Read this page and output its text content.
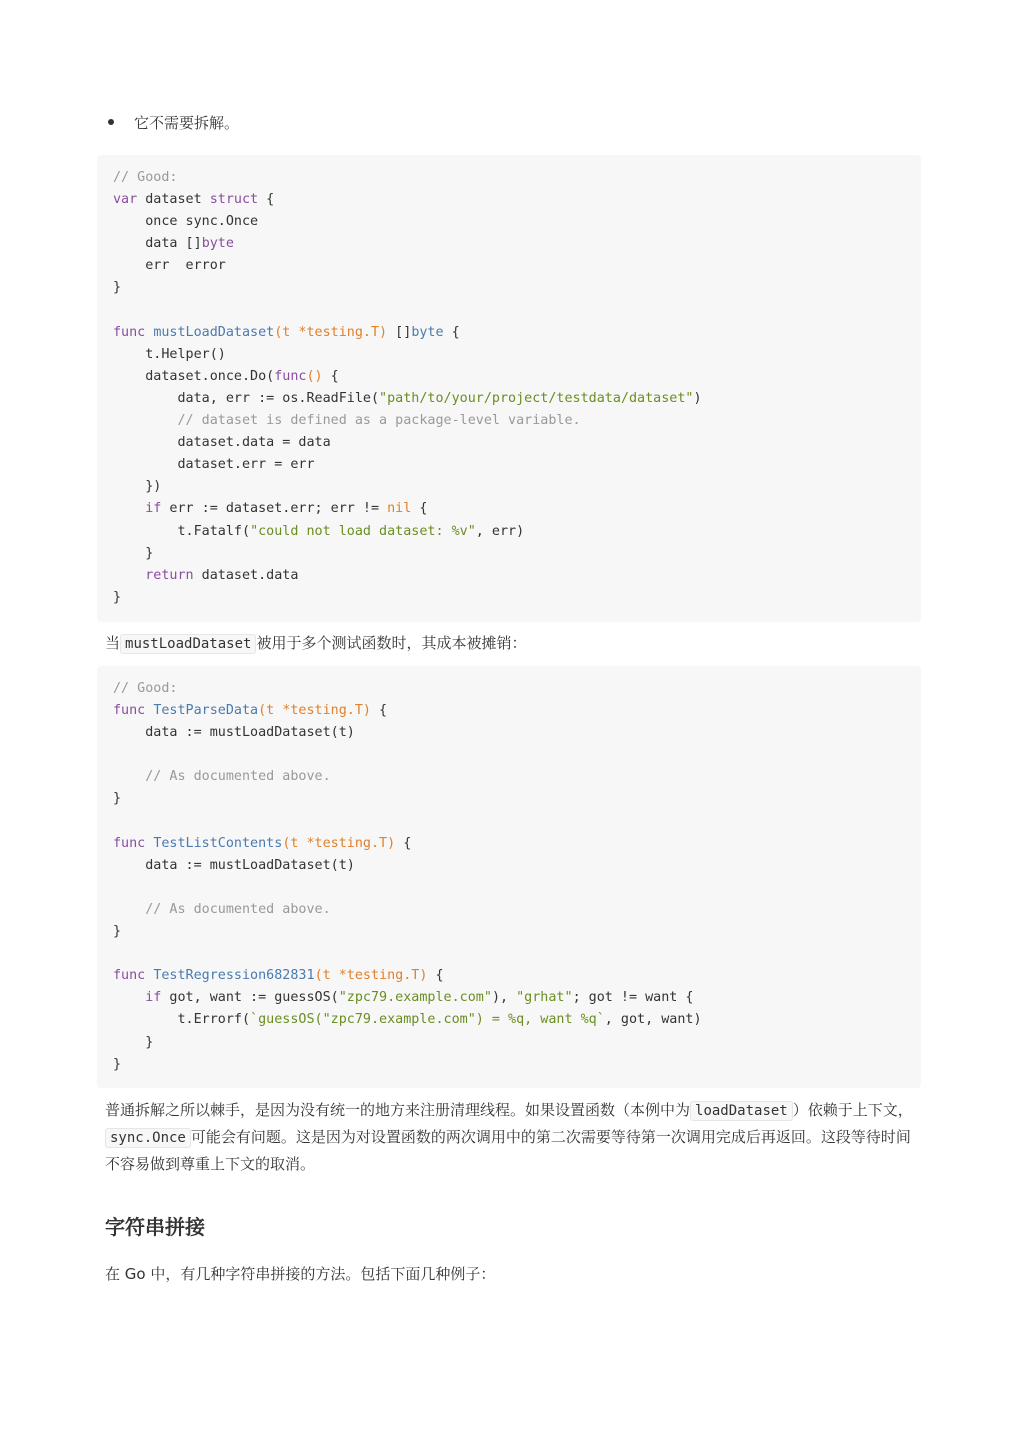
它不需要拆解。
// Good:
var dataset struct {
once sync.Once
data []byte
err  error
}

func mustLoadDataset(t *testing.T) []byte {
t.Helper()
dataset.once.Do(func() {
data, err := os.ReadFile("path/to/your/project/testdata/dataset")
// dataset is defined as a package-level variable.
dataset.data = data
dataset.err = err
})
if err := dataset.err; err != nil {
t.Fatalf("could not load dataset: %v", err)
}
return dataset.data
}
当 mustLoadDataset 被用于多个测试函数时，其成本被摊销：
// Good:
func TestParseData(t *testing.T) {
data := mustLoadDataset(t)

// As documented above.
}

func TestListContents(t *testing.T) {
data := mustLoadDataset(t)

// As documented above.
}

func TestRegression682831(t *testing.T) {
if got, want := guessOS("zpc79.example.com"), "grhat"; got != want {
t.Errorf(`guessOS("zpc79.example.com") = %q, want %q`, got, want)
}
}
普通拆解之所以棘手，是因为没有统一的地方来注册清理线程。如果设置函数（本例中为 loadDataset ）依赖于上下文，sync.Once 可能会有问题。这是因为对设置函数的两次调用中的第二次需要等待第一次调用完成后再返回。这段等待时间不容易做到尊重上下文的取消。
字符串拼接
在 Go 中，有几种字符串拼接的方法。包括下面几种例子：
